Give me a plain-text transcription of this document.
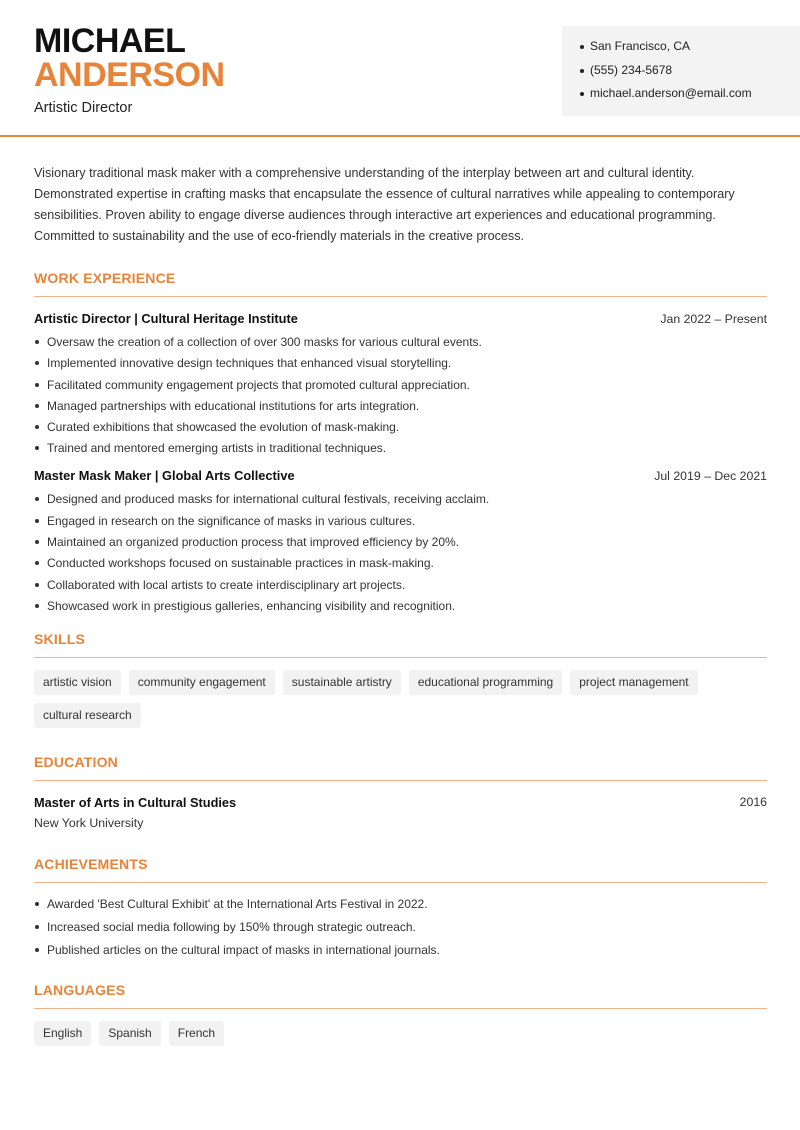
MICHAEL
ANDERSON
Artistic Director
San Francisco, CA
(555) 234-5678
michael.anderson@email.com

Visionary traditional mask maker with a comprehensive understanding of the interplay between art and cultural identity. Demonstrated expertise in crafting masks that encapsulate the essence of cultural narratives while appealing to contemporary sensibilities. Proven ability to engage diverse audiences through interactive art experiences and educational programming. Committed to sustainability and the use of eco-friendly materials in the creative process.

WORK EXPERIENCE
Artistic Director | Cultural Heritage Institute	Jan 2022 – Present
Oversaw the creation of a collection of over 300 masks for various cultural events.
Implemented innovative design techniques that enhanced visual storytelling.
Facilitated community engagement projects that promoted cultural appreciation.
Managed partnerships with educational institutions for arts integration.
Curated exhibitions that showcased the evolution of mask-making.
Trained and mentored emerging artists in traditional techniques.
Master Mask Maker | Global Arts Collective	Jul 2019 – Dec 2021
Designed and produced masks for international cultural festivals, receiving acclaim.
Engaged in research on the significance of masks in various cultures.
Maintained an organized production process that improved efficiency by 20%.
Conducted workshops focused on sustainable practices in mask-making.
Collaborated with local artists to create interdisciplinary art projects.
Showcased work in prestigious galleries, enhancing visibility and recognition.
SKILLS
artistic vision	community engagement	sustainable artistry	educational programming	project management
cultural research
EDUCATION
Master of Arts in Cultural Studies	2016
New York University
ACHIEVEMENTS
Awarded 'Best Cultural Exhibit' at the International Arts Festival in 2022.
Increased social media following by 150% through strategic outreach.
Published articles on the cultural impact of masks in international journals.
LANGUAGES
English	Spanish	French
